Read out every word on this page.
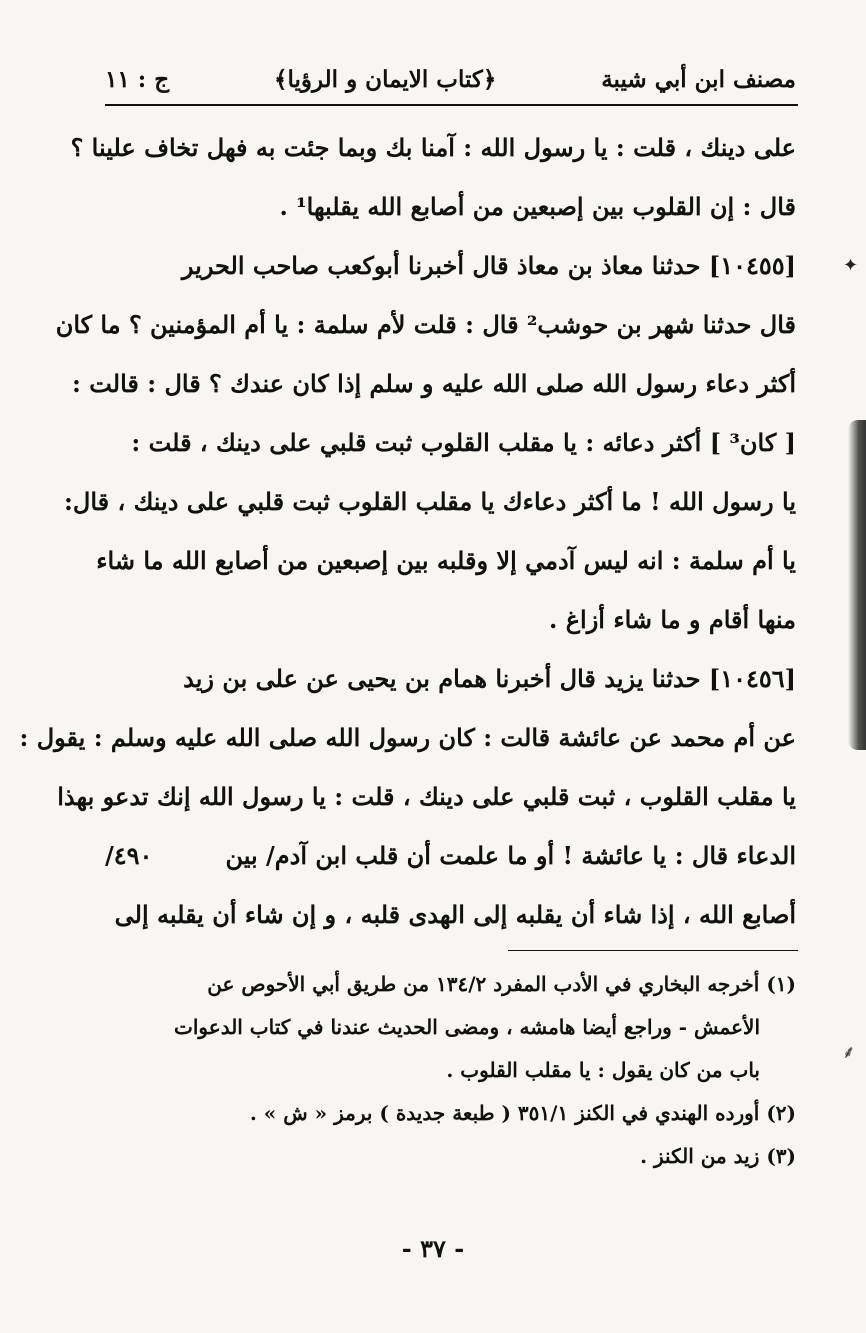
مصنف ابن أبي شيبة
﴿كتاب الايمان و الرؤيا﴾
ج : ١١
على دينك ، قلت : يا رسول الله : آمنا بك وبما جئت به فهل تخاف علينا ؟
قال : إن القلوب بين إصبعين من أصابع الله يقلبها¹ .
[١٠٤٥٥] حدثنا معاذ بن معاذ قال أخبرنا أبوكعب صاحب الحرير
قال حدثنا شهر بن حوشب² قال : قلت لأم سلمة : يا أم المؤمنين ؟ ما كان
أكثر دعاء رسول الله صلى الله عليه و سلم إذا كان عندك ؟ قال : قالت :
[ كان³ ] أكثر دعائه : يا مقلب القلوب ثبت قلبي على دينك ، قلت :
يا رسول الله ! ما أكثر دعاءك يا مقلب القلوب ثبت قلبي على دينك ، قال:
يا أم سلمة : انه ليس آدمي إلا وقلبه بين إصبعين من أصابع الله ما شاء
منها أقام و ما شاء أزاغ .
[١٠٤٥٦] حدثنا يزيد قال أخبرنا همام بن يحيى عن على بن زيد
عن أم محمد عن عائشة قالت : كان رسول الله صلى الله عليه وسلم : يقول :
يا مقلب القلوب ، ثبت قلبي على دينك ، قلت : يا رسول الله إنك تدعو بهذا
الدعاء قال : يا عائشة ! أو ما علمت أن قلب ابن آدم/ بين
٤٩٠/
أصابع الله ، إذا شاء أن يقلبه إلى الهدى قلبه ، و إن شاء أن يقلبه إلى
(١) أخرجه البخاري في الأدب المفرد ١٣٤/٢ من طريق أبي الأحوص عن
الأعمش - وراجع أيضا هامشه ، ومضى الحديث عندنا في كتاب الدعوات
باب من كان يقول : يا مقلب القلوب .
(٢) أورده الهندي في الكنز ٣٥١/١ ( طبعة جديدة ) برمز « ش » .
(٣) زيد من الكنز .
- ٣٧ -
✦
⸙
